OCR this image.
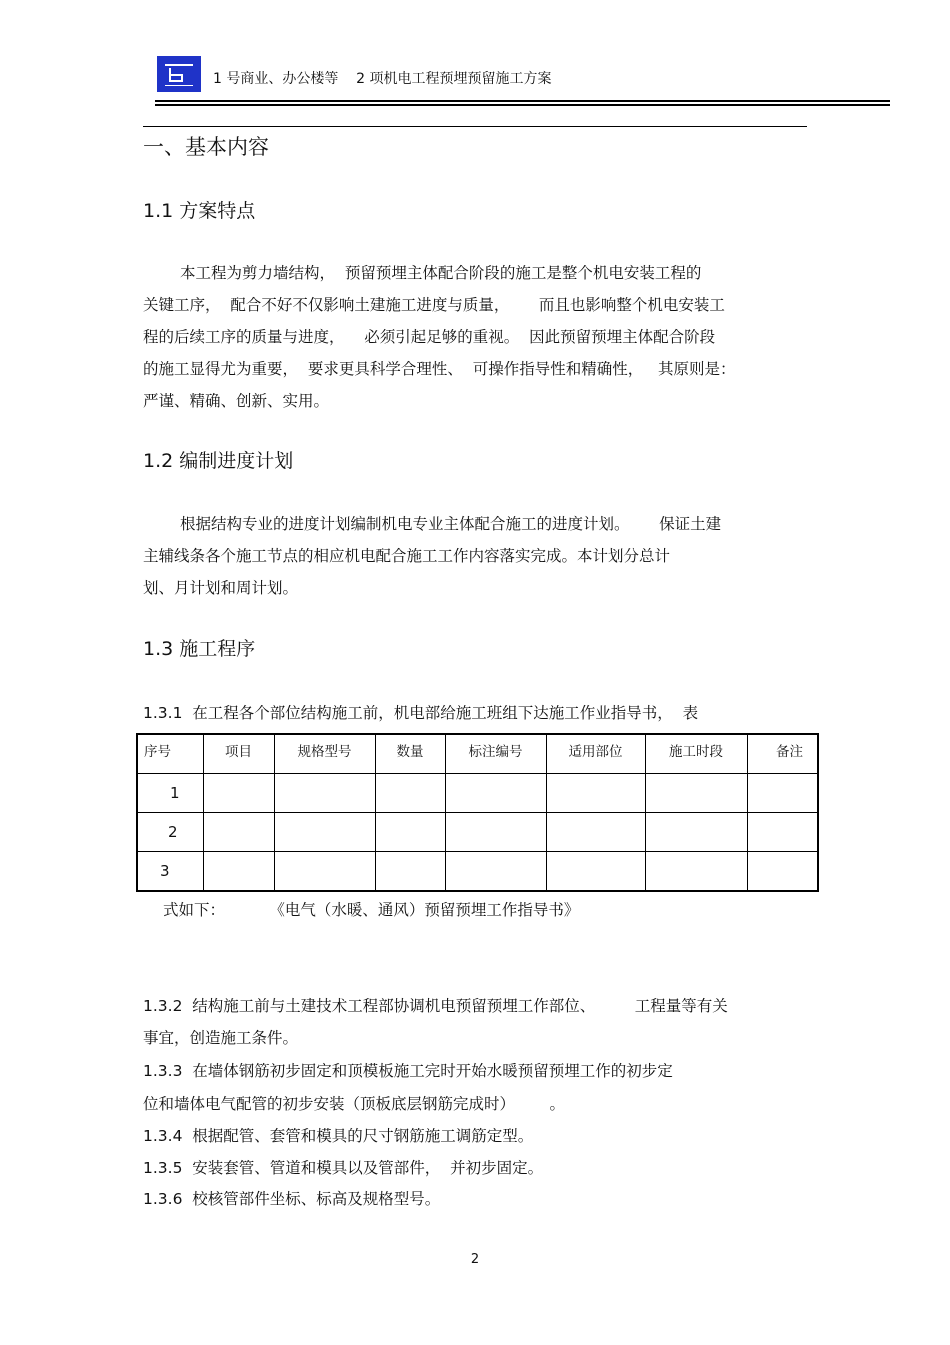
1 号商业、办公楼等    2 项机电工程预埋预留施工方案
一、基本内容
1.1 方案特点
本工程为剪力墙结构，  预留预埋主体配合阶段的施工是整个机电安装工程的
关键工序，  配合不好不仅影响土建施工进度与质量，      而且也影响整个机电安装工
程的后续工序的质量与进度，    必须引起足够的重视。  因此预留预埋主体配合阶段
的施工显得尤为重要，  要求更具科学合理性、  可操作指导性和精确性，   其原则是：
严谨、精确、创新、实用。
1.2 编制进度计划
根据结构专业的进度计划编制机电专业主体配合施工的进度计划。      保证土建
主辅线条各个施工节点的相应机电配合施工工作内容落实完成。本计划分总计
划、月计划和周计划。
1.3 施工程序
1.3.1  在工程各个部位结构施工前，机电部给施工班组下达施工作业指导书，  表
序号	项目	规格型号	数量	标注编号	适用部位	施工时段	备注
1							
2							
3							
式如下：         《电气（水暖、通风）预留预埋工作指导书》
1.3.2  结构施工前与土建技术工程部协调机电预留预埋工作部位、        工程量等有关
事宜，创造施工条件。
1.3.3  在墙体钢筋初步固定和顶模板施工完时开始水暖预留预埋工作的初步定
位和墙体电气配管的初步安装（顶板底层钢筋完成时）       。
1.3.4  根据配管、套管和模具的尺寸钢筋施工调筋定型。
1.3.5  安装套管、管道和模具以及管部件，  并初步固定。
1.3.6  校核管部件坐标、标高及规格型号。
2
